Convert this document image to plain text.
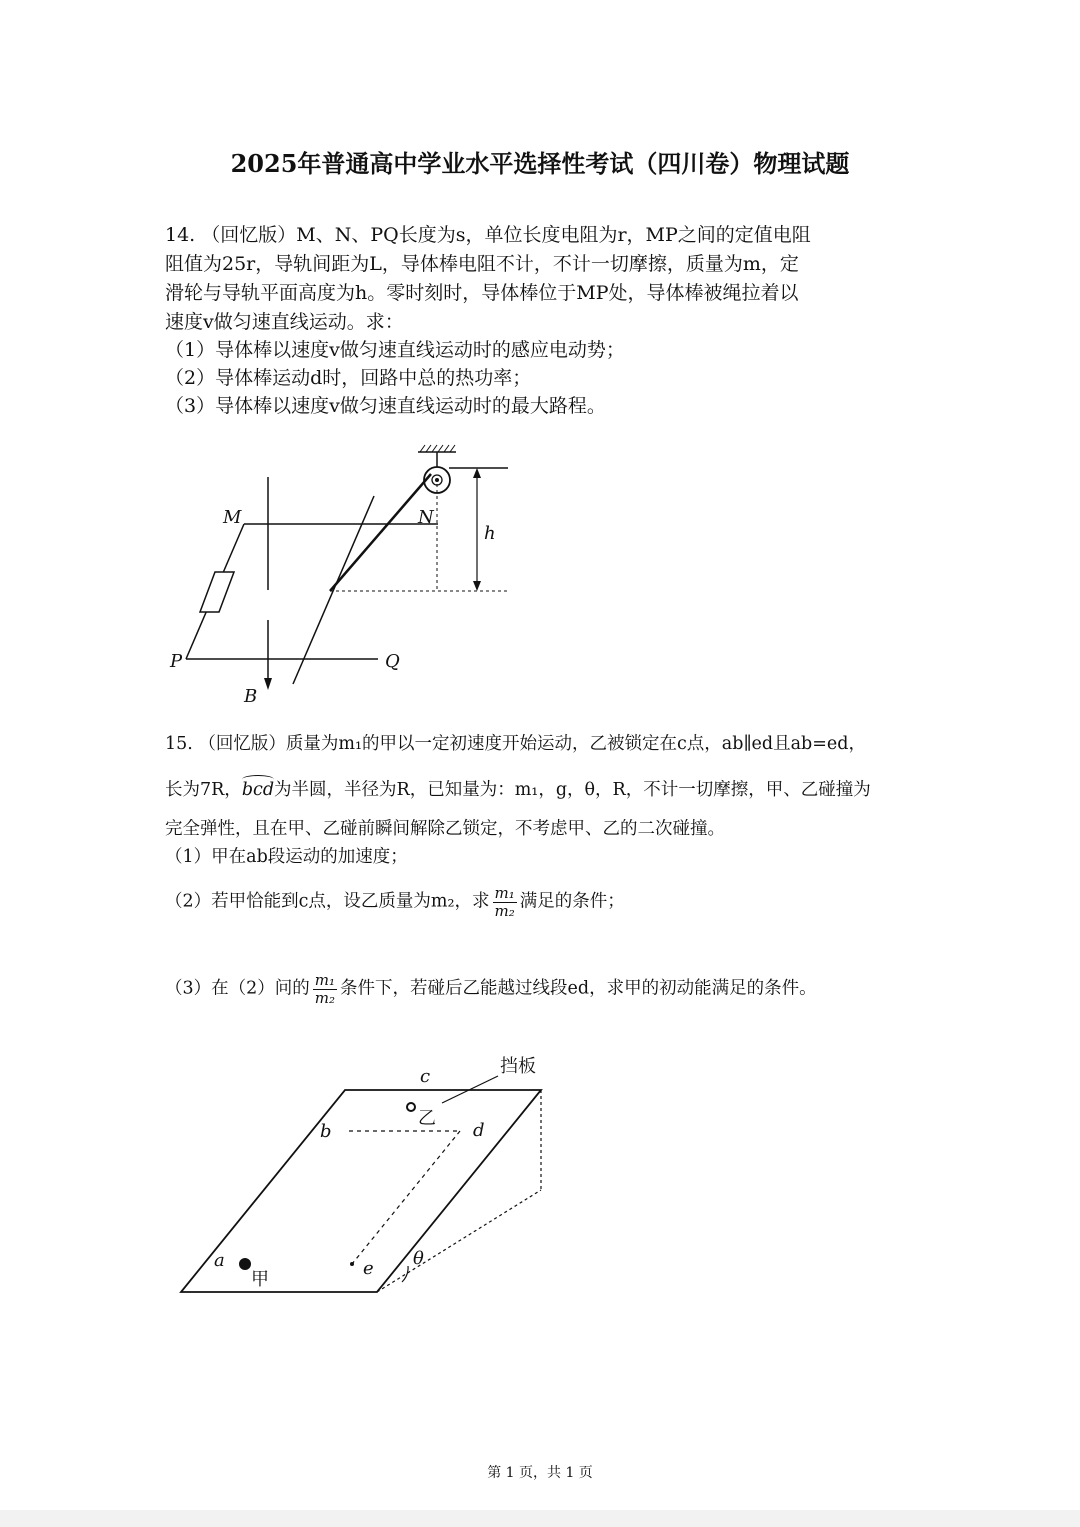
2025年普通高中学业水平选择性考试（四川卷）物理试题
14. （回忆版）M、N、PQ长度为s，单位长度电阻为r，MP之间的定值电阻
阻值为25r，导轨间距为L，导体棒电阻不计，不计一切摩擦，质量为m，定
滑轮与导轨平面高度为h。零时刻时，导体棒位于MP处，导体棒被绳拉着以
速度v做匀速直线运动。求：
（1）导体棒以速度v做匀速直线运动时的感应电动势；
（2）导体棒运动d时，回路中总的热功率；
（3）导体棒以速度v做匀速直线运动时的最大路程。
M	N
P	Q
B
h
15. （回忆版）质量为m₁的甲以一定初速度开始运动，乙被锁定在c点，ab∥ed且ab=ed，
长为7R，bcd为半圆，半径为R，已知量为：m₁，g，θ，R，不计一切摩擦，甲、乙碰撞为
完全弹性，且在甲、乙碰前瞬间解除乙锁定，不考虑甲、乙的二次碰撞。
（1）甲在ab段运动的加速度；
（2）若甲恰能到c点，设乙质量为m₂，求 $\frac{\text{m₁}}{\text{m₂}}$ 满足的条件；
（3）在（2）问的 $\frac{\text{m₁}}{\text{m₂}}$ 条件下，若碰后乙能越过线段ed，求甲的初动能满足的条件。
c	挡板
乙
b	d
a
甲
e θ
第 1 页，共 1 页
